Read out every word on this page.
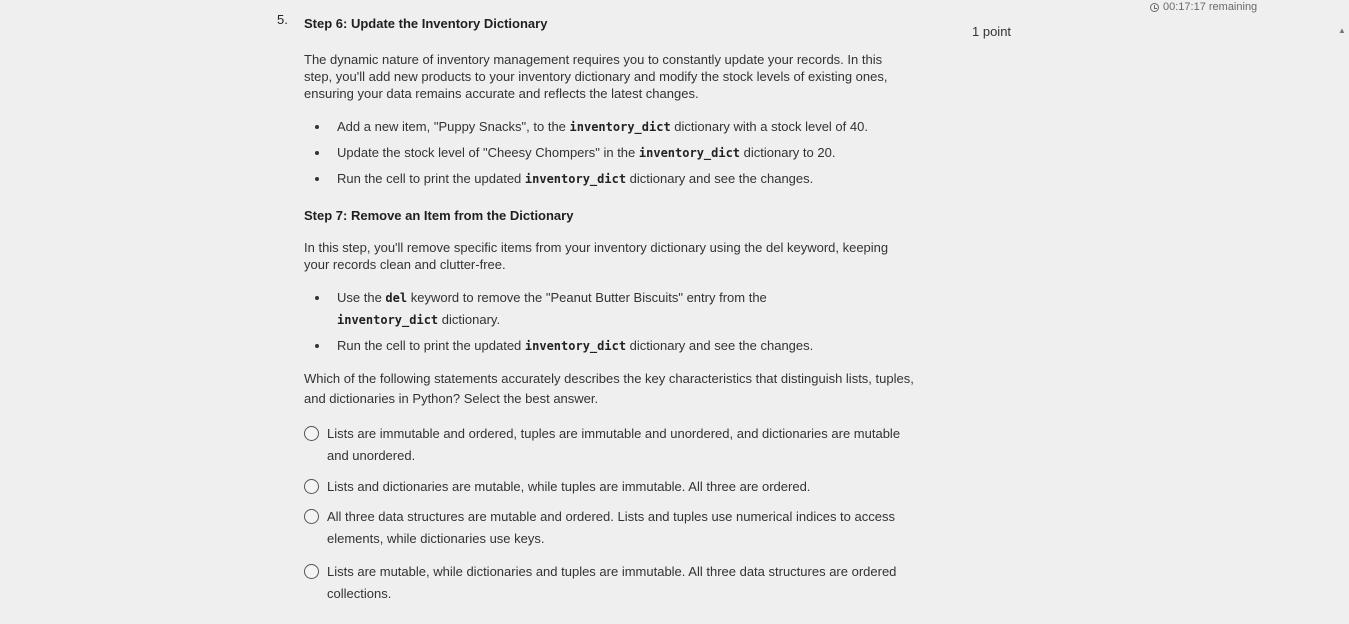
00:17:17 remaining
▲
5.
1 point

Step 6: Update the Inventory Dictionary

The dynamic nature of inventory management requires you to constantly update your records. In this step, you'll add new products to your inventory dictionary and modify the stock levels of existing ones, ensuring your data remains accurate and reflects the latest changes.

Add a new item, "Puppy Snacks", to the inventory_dict dictionary with a stock level of 40.
Update the stock level of "Cheesy Chompers" in the inventory_dict dictionary to 20.
Run the cell to print the updated inventory_dict dictionary and see the changes.

Step 7: Remove an Item from the Dictionary

In this step, you'll remove specific items from your inventory dictionary using the del keyword, keeping your records clean and clutter-free.

Use the del keyword to remove the "Peanut Butter Biscuits" entry from the inventory_dict dictionary.
Run the cell to print the updated inventory_dict dictionary and see the changes.

Which of the following statements accurately describes the key characteristics that distinguish lists, tuples, and dictionaries in Python? Select the best answer.

Lists are immutable and ordered, tuples are immutable and unordered, and dictionaries are mutable and unordered.
Lists and dictionaries are mutable, while tuples are immutable. All three are ordered.
All three data structures are mutable and ordered. Lists and tuples use numerical indices to access elements, while dictionaries use keys.
Lists are mutable, while dictionaries and tuples are immutable. All three data structures are ordered collections.
